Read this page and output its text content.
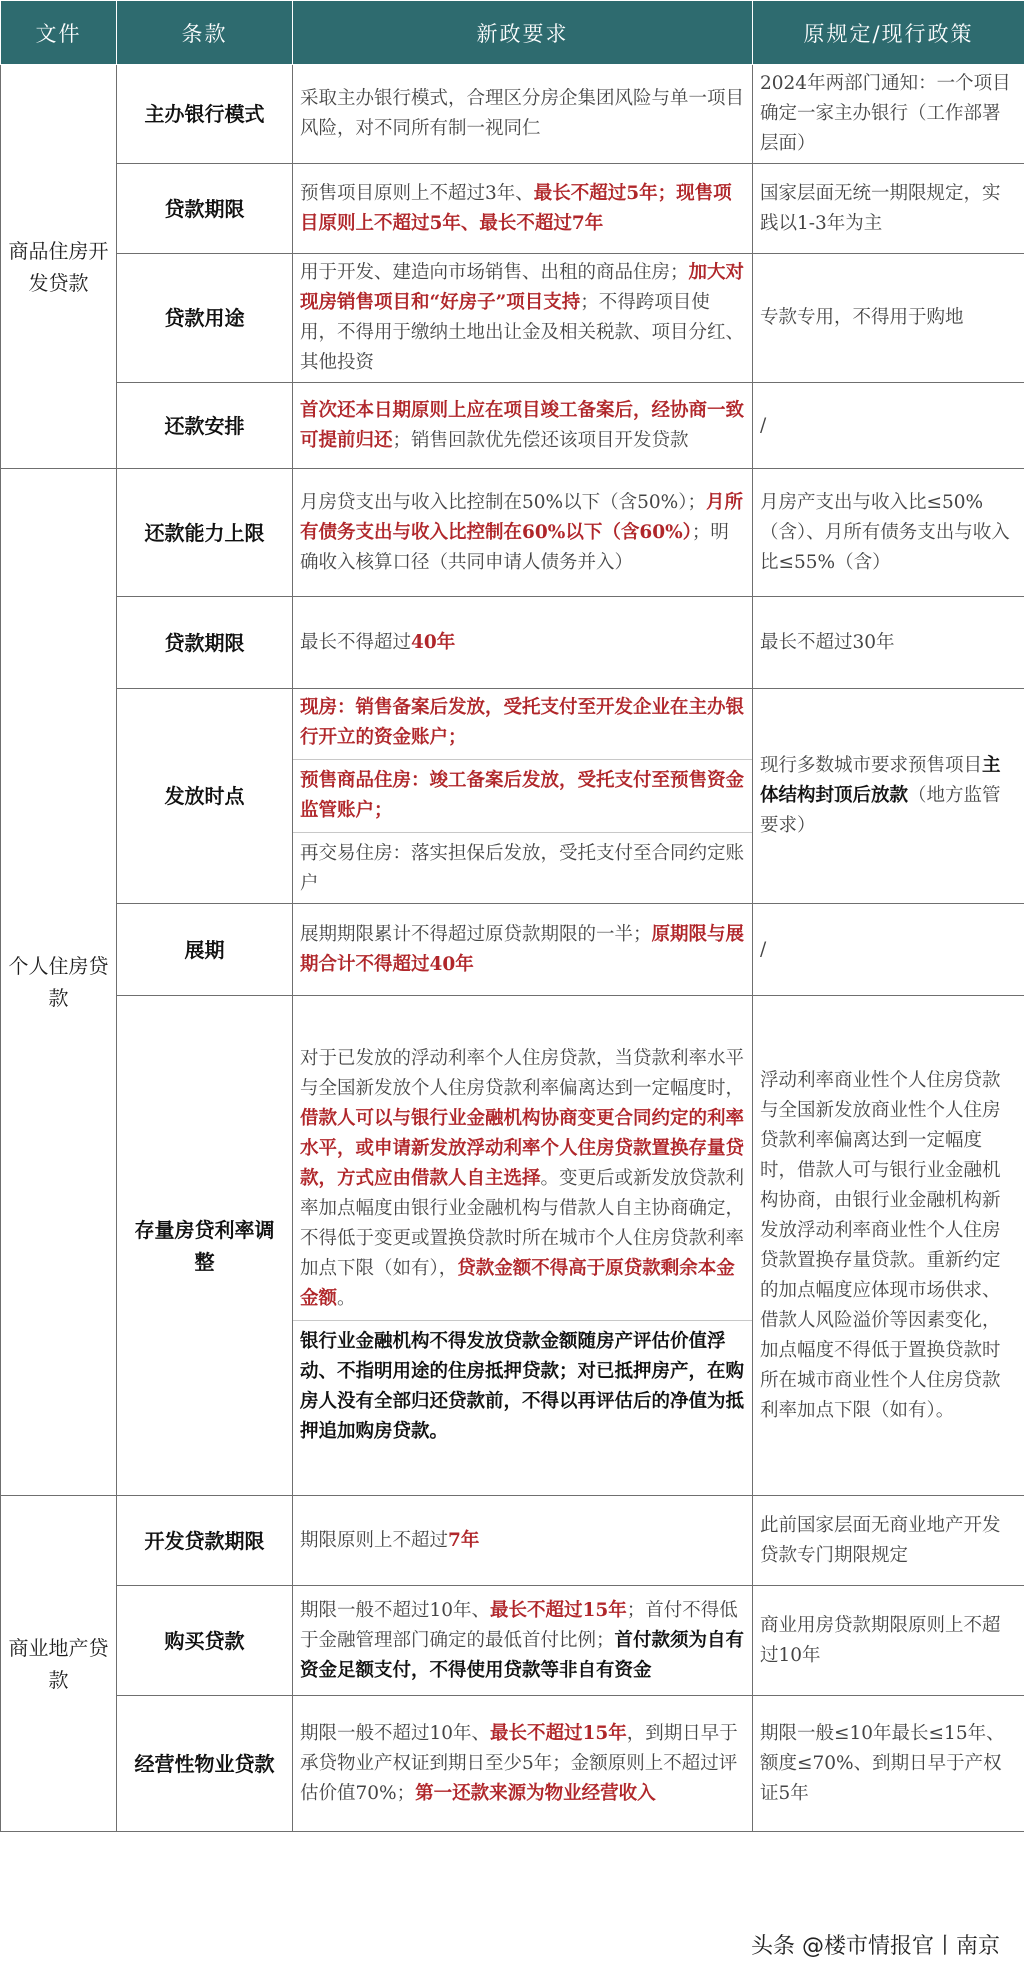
文件	条款	新政要求	原规定/现行政策
商品住房开发贷款	主办银行模式	采取主办银行模式，合理区分房企集团风险与单一项目风险，对不同所有制一视同仁	2024年两部门通知：一个项目确定一家主办银行（工作部署层面）
	贷款期限	预售项目原则上不超过3年、最长不超过5年；现售项目原则上不超过5年、最长不超过7年	国家层面无统一期限规定，实践以1-3年为主
	贷款用途	用于开发、建造向市场销售、出租的商品住房；加大对现房销售项目和“好房子”项目支持；不得跨项目使用，不得用于缴纳土地出让金及相关税款、项目分红、其他投资	专款专用，不得用于购地
	还款安排	首次还本日期原则上应在项目竣工备案后，经协商一致可提前归还；销售回款优先偿还该项目开发贷款	/
个人住房贷款	还款能力上限	月房贷支出与收入比控制在50%以下（含50%）；月所有债务支出与收入比控制在60%以下（含60%）；明确收入核算口径（共同申请人债务并入）	月房产支出与收入比≤50%（含）、月所有债务支出与收入比≤55%（含）
	贷款期限	最长不得超过40年	最长不超过30年
	发放时点	现房：销售备案后发放，受托支付至开发企业在主办银行开立的资金账户；
预售商品住房：竣工备案后发放，受托支付至预售资金监管账户；
再交易住房：落实担保后发放，受托支付至合同约定账户	现行多数城市要求预售项目主体结构封顶后放款（地方监管要求）
	展期	展期期限累计不得超过原贷款期限的一半；原期限与展期合计不得超过40年	/
	存量房贷利率调整	对于已发放的浮动利率个人住房贷款，当贷款利率水平与全国新发放个人住房贷款利率偏离达到一定幅度时，借款人可以与银行业金融机构协商变更合同约定的利率水平，或申请新发放浮动利率个人住房贷款置换存量贷款，方式应由借款人自主选择。变更后或新发放贷款利率加点幅度由银行业金融机构与借款人自主协商确定，不得低于变更或置换贷款时所在城市个人住房贷款利率加点下限（如有），贷款金额不得高于原贷款剩余本金金额。
银行业金融机构不得发放贷款金额随房产评估价值浮动、不指明用途的住房抵押贷款；对已抵押房产，在购房人没有全部归还贷款前，不得以再评估后的净值为抵押追加购房贷款。	浮动利率商业性个人住房贷款与全国新发放商业性个人住房贷款利率偏离达到一定幅度时，借款人可与银行业金融机构协商，由银行业金融机构新发放浮动利率商业性个人住房贷款置换存量贷款。重新约定的加点幅度应体现市场供求、借款人风险溢价等因素变化，加点幅度不得低于置换贷款时所在城市商业性个人住房贷款利率加点下限（如有）。
商业地产贷款	开发贷款期限	期限原则上不超过7年	此前国家层面无商业地产开发贷款专门期限规定
	购买贷款	期限一般不超过10年、最长不超过15年；首付不得低于金融管理部门确定的最低首付比例；首付款须为自有资金足额支付，不得使用贷款等非自有资金	商业用房贷款期限原则上不超过10年
	经营性物业贷款	期限一般不超过10年、最长不超过15年，到期日早于承贷物业产权证到期日至少5年；金额原则上不超过评估价值70%；第一还款来源为物业经营收入	期限一般≤10年最长≤15年、额度≤70%、到期日早于产权证5年
头条 @楼市情报官丨南京
